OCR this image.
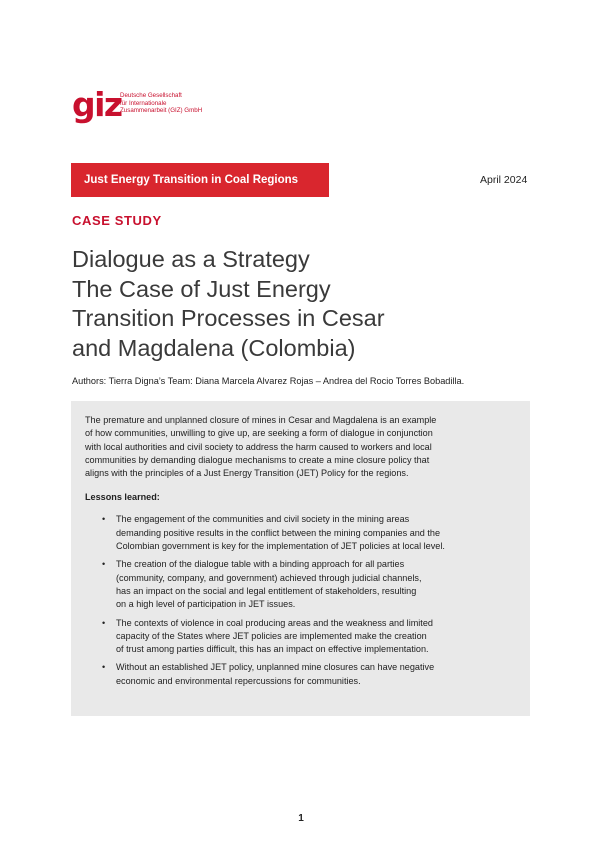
giz
Deutsche Gesellschaft
für Internationale
Zusammenarbeit (GIZ) GmbH
Just Energy Transition in Coal Regions	April 2024
CASE STUDY
Dialogue as a Strategy
The Case of Just Energy
Transition Processes in Cesar
and Magdalena (Colombia)
Authors: Tierra Digna’s Team: Diana Marcela Alvarez Rojas – Andrea del Rocio Torres Bobadilla.
The premature and unplanned closure of mines in Cesar and Magdalena is an example
of how communities, unwilling to give up, are seeking a form of dialogue in conjunction
with local authorities and civil society to address the harm caused to workers and local
communities by demanding dialogue mechanisms to create a mine closure policy that
aligns with the principles of a Just Energy Transition (JET) Policy for the regions.
Lessons learned:
• The engagement of the communities and civil society in the mining areas
demanding positive results in the conflict between the mining companies and the
Colombian government is key for the implementation of JET policies at local level.
• The creation of the dialogue table with a binding approach for all parties
(community, company, and government) achieved through judicial channels,
has an impact on the social and legal entitlement of stakeholders, resulting
on a high level of participation in JET issues.
• The contexts of violence in coal producing areas and the weakness and limited
capacity of the States where JET policies are implemented make the creation
of trust among parties difficult, this has an impact on effective implementation.
• Without an established JET policy, unplanned mine closures can have negative
economic and environmental repercussions for communities.
1
